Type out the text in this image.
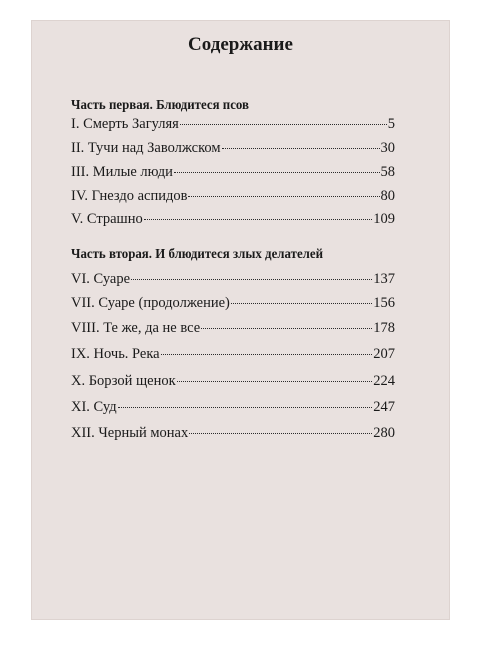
Содержание
Часть первая. Блюдитеся псов
I. Смерть Загуляя	5
II. Тучи над Заволжском	30
III. Милые люди	58
IV. Гнездо аспидов	80
V. Страшно	109
Часть вторая. И блюдитеся злых делателей
VI. Суаре	137
VII. Суаре (продолжение)	156
VIII. Те же, да не все	178
IX. Ночь. Река	207
X. Борзой щенок	224
XI. Суд	247
XII. Черный монах	280
